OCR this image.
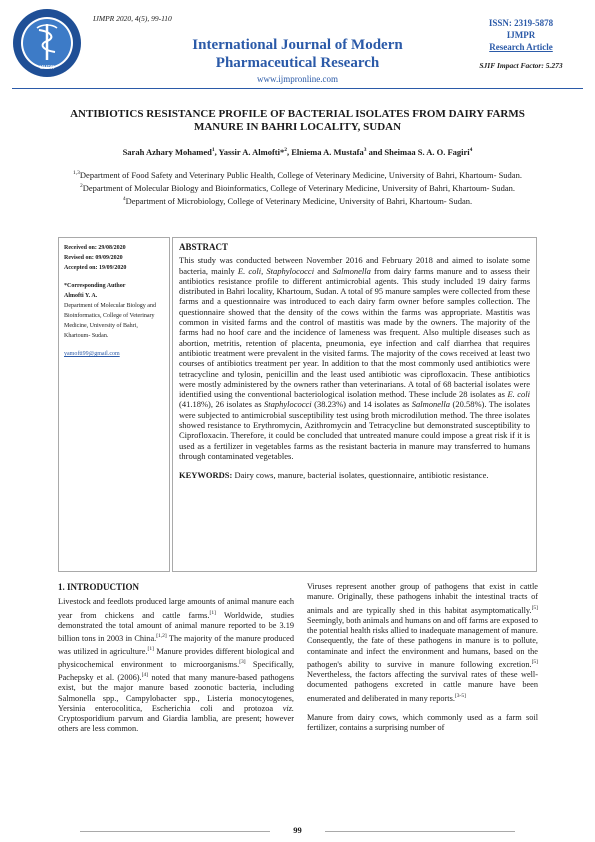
IJMPR
IJMPR 2020, 4(5), 99-110
International Journal of Modern
Pharmaceutical Research
www.ijmpronline.com
ISSN: 2319-5878
IJMPR
Research Article
SJIF Impact Factor: 5.273
ANTIBIOTICS RESISTANCE PROFILE OF BACTERIAL ISOLATES FROM DAIRY FARMS MANURE IN BAHRI LOCALITY, SUDAN
Sarah Azhary Mohamed$^1$, Yassir A. Almofti*$^2$, Elniema A. Mustafa$^3$ and Sheimaa S. A. O. Fagiri$^4$
$^{1,3}$Department of Food Safety and Veterinary Public Health, College of Veterinary Medicine, University of Bahri, Khartoum- Sudan.
$^2$Department of Molecular Biology and Bioinformatics, College of Veterinary Medicine, University of Bahri, Khartoum- Sudan.
$^4$Department of Microbiology, College of Veterinary Medicine, University of Bahri, Khartoum- Sudan.
Received on: 29/08/2020
Revised on: 09/09/2020
Accepted on: 19/09/2020
*Corresponding Author
Almofti Y. A.
Department of Molecular Biology and Bioinformatics, College of Veterinary Medicine, University of Bahri, Khartoum- Sudan.
yamofti99@gmail.com
ABSTRACT
This study was conducted between November 2016 and February 2018 and aimed to isolate some bacteria, mainly E. coli, Staphylococci and Salmonella from dairy farms manure and to assess their antibiotics resistance profile to different antimicrobial agents. This study included 19 dairy farms distributed in Bahri locality, Khartoum, Sudan. A total of 95 manure samples were collected from these farms and a questionnaire was introduced to each dairy farm owner before samples collection. The questionnaire showed that the density of the cows within the farms was appropriate. Mastitis was common in visited farms and the control of mastitis was made by the owners. The majority of the farms had no hoof care and the incidence of lameness was frequent. Also multiple diseases such as abortion, metritis, retention of placenta, pneumonia, eye infection and calf diarrhea that requires antibiotic treatment were prevalent in the visited farms. The majority of the cows received at least two courses of antibiotics treatment per year. In addition to that the most commonly used antibiotics were tetracycline and tylosin, penicillin and the least used antibiotic was ciprofloxacin. These antibiotics were mostly administered by the owners rather than veterinarians. A total of 68 bacterial isolates were identified using the conventional bacteriological isolation method. These include 28 isolates as E. coli (41.18%), 26 isolates as Staphylococci (38.23%) and 14 isolates as Salmonella (20.58%). The isolates were subjected to antimicrobial susceptibility test using broth microdilution method. The three isolates showed resistance to Erythromycin, Azithromycin and Tetracycline but demonstrated susceptibility to Ciprofloxacin. Therefore, it could be concluded that untreated manure could impose a great risk if it is used as a fertilizer in vegetables farms as the resistant bacteria in manure may transferred to humans through contaminated vegetables.
KEYWORDS: Dairy cows, manure, bacterial isolates, questionnaire, antibiotic resistance.
1. INTRODUCTION

Livestock and feedlots produced large amounts of animal manure each year from chickens and cattle farms.[1] Worldwide, studies demonstrated the total amount of animal manure reported to be 3.19 billion tons in 2003 in China.[1,2] The majority of the manure produced was utilized in agriculture.[1] Manure provides different biological and physicochemical environment to microorganisms.[3] Specifically, Pachepsky et al. (2006).[4] noted that many manure-based pathogens exist, but the major manure based zoonotic bacteria, including Salmonella spp., Campylobacter spp., Listeria monocytogenes, Yersinia enterocolitica, Escherichia coli and protozoa viz. Cryptosporidium parvum and Giardia lamblia, are present; however others are less common.

Viruses represent another group of pathogens that exist in cattle manure. Originally, these pathogens inhabit the intestinal tracts of animals and are typically shed in this habitat asymptomatically.[5] Seemingly, both animals and humans on and off farms are exposed to the potential health risks allied to inadequate management of manure. Consequently, the fate of these pathogens in manure is to pollute, contaminate and infect the environment and humans, based on the pathogen's ability to survive in manure following excretion.[5] Nevertheless, the factors affecting the survival rates of these well-documented pathogens excreted in cattle manure have been enumerated and deliberated in many reports.[3-5]

Manure from dairy cows, which commonly used as a farm soil fertilizer, contains a surprising number of

99
